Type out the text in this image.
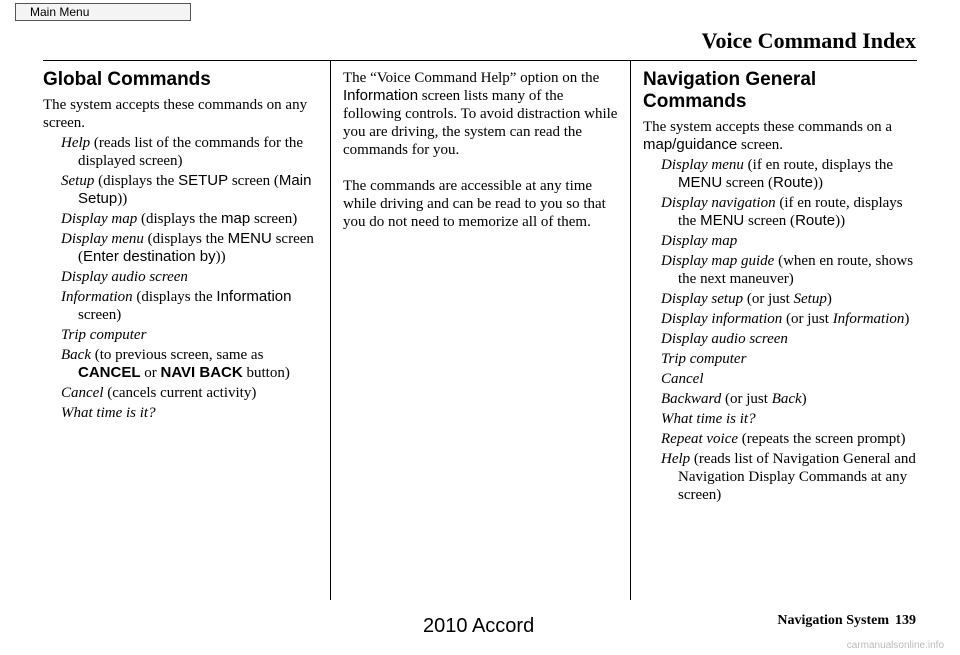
Main Menu
Voice Command Index
Global Commands

The system accepts these commands on any screen.

Help (reads list of the commands for the displayed screen)

Setup (displays the SETUP screen (Main Setup))

Display map (displays the map screen)

Display menu (displays the MENU screen (Enter destination by))

Display audio screen

Information (displays the Information screen)

Trip computer

Back (to previous screen, same as CANCEL or NAVI BACK button)

Cancel (cancels current activity)

What time is it?

The “Voice Command Help” option on the Information screen lists many of the following controls. To avoid distraction while you are driving, the system can read the commands for you.

The commands are accessible at any time while driving and can be read to you so that you do not need to memorize all of them.

Navigation General Commands

The system accepts these commands on a map/guidance screen.

Display menu (if en route, displays the MENU screen (Route))

Display navigation (if en route, displays the MENU screen (Route))

Display map

Display map guide (when en route, shows the next maneuver)

Display setup (or just Setup)

Display information (or just Information)

Display audio screen

Trip computer

Cancel

Backward (or just Back)

What time is it?

Repeat voice (repeats the screen prompt)

Help (reads list of Navigation General and Navigation Display Commands at any screen)

Navigation System 139
2010 Accord
carmanualsonline.info
